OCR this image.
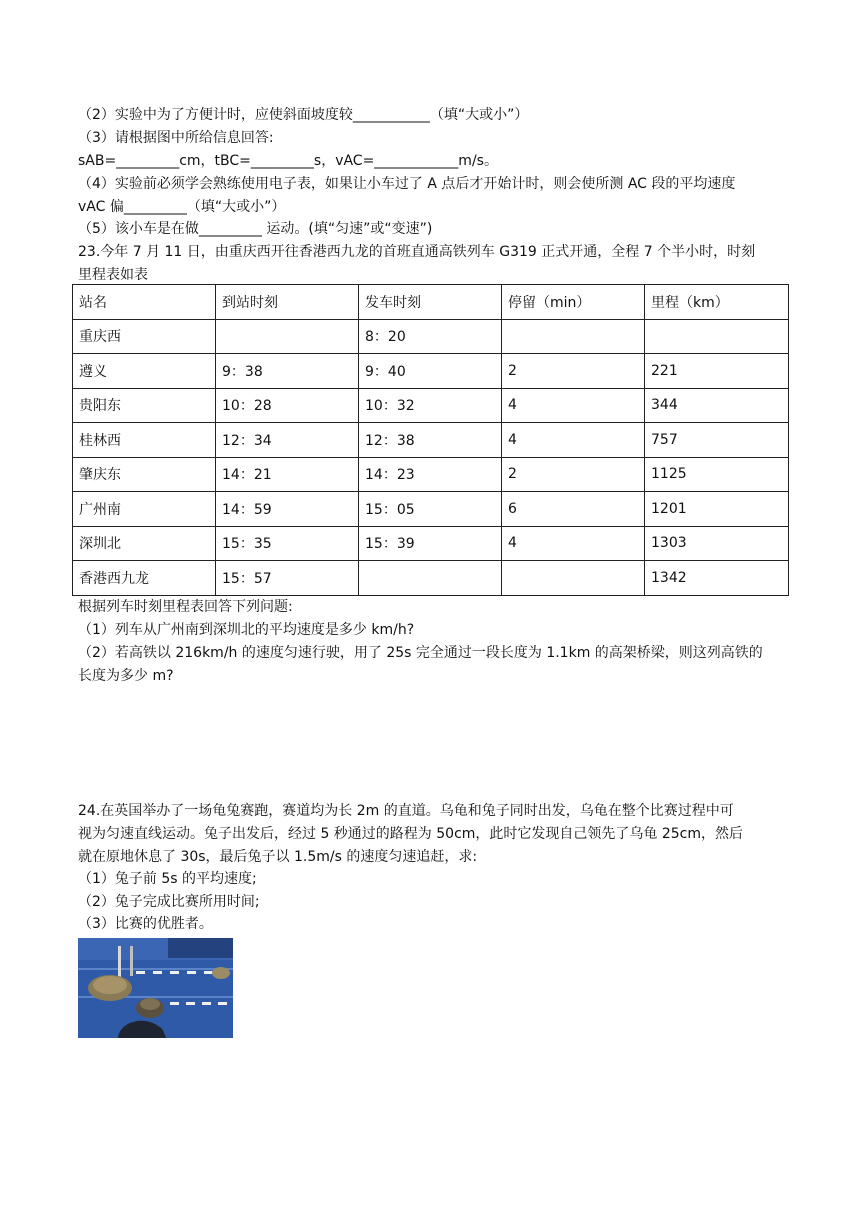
（2）实验中为了方便计时，应使斜面坡度较___________（填“大或小”）
（3）请根据图中所给信息回答:
sAB=_________cm，tBC=_________s，vAC=____________m/s。
（4）实验前必须学会熟练使用电子表，如果让小车过了 A 点后才开始计时，则会使所测 AC 段的平均速度
vAC 偏_________（填“大或小”）
（5）该小车是在做_________ 运动。(填“匀速”或“变速”)
23.今年 7 月 11 日，由重庆西开往香港西九龙的首班直通高铁列车 G319 正式开通，全程 7 个半小时，时刻
里程表如表
站名	到站时刻	发车时刻	停留（min）	里程（km）
重庆西		8：20		
遵义	9：38	9：40	2	221
贵阳东	10：28	10：32	4	344
桂林西	12：34	12：38	4	757
肇庆东	14：21	14：23	2	1125
广州南	14：59	15：05	6	1201
深圳北	15：35	15：39	4	1303
香港西九龙	15：57			1342
根据列车时刻里程表回答下列问题:
（1）列车从广州南到深圳北的平均速度是多少 km/h?
（2）若高铁以 216km/h 的速度匀速行驶，用了 25s 完全通过一段长度为 1.1km 的高架桥梁，则这列高铁的
长度为多少 m?
24.在英国举办了一场龟兔赛跑，赛道均为长 2m 的直道。乌龟和兔子同时出发，乌龟在整个比赛过程中可
视为匀速直线运动。兔子出发后，经过 5 秒通过的路程为 50cm，此时它发现自己领先了乌龟 25cm，然后
就在原地休息了 30s，最后兔子以 1.5m/s 的速度匀速追赶，求:
（1）兔子前 5s 的平均速度;
（2）兔子完成比赛所用时间;
（3）比赛的优胜者。
